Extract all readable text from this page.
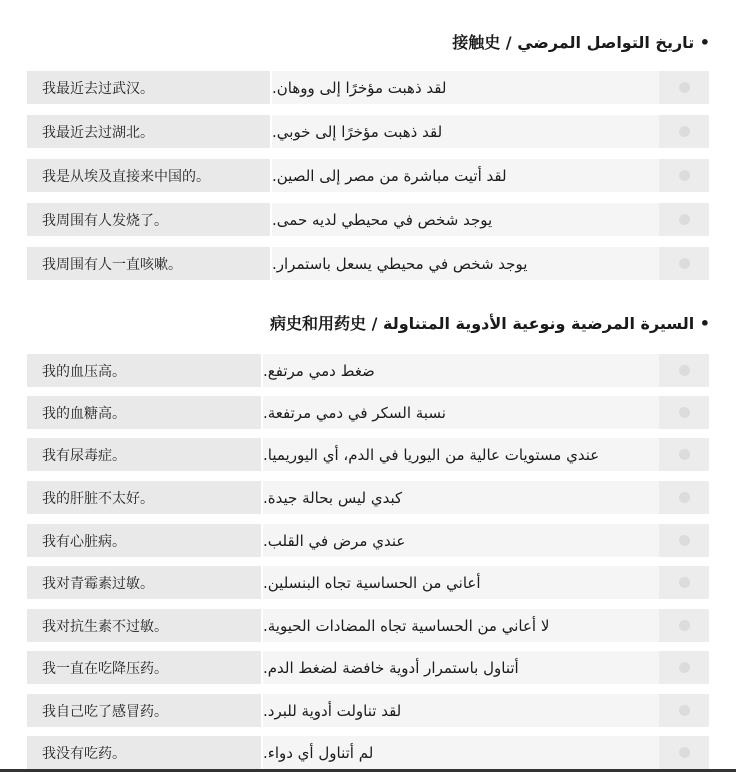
• تاريخ التواصل المرضي / 接触史
我最近去过武汉。	لقد ذهبت مؤخرًا إلى ووهان.
我最近去过湖北。	لقد ذهبت مؤخرًا إلى خوبي.
我是从埃及直接来中国的。	لقد أتيت مباشرة من مصر إلى الصين.
我周围有人发烧了。	يوجد شخص في محيطي لديه حمى.
我周围有人一直咳嗽。	يوجد شخص في محيطي يسعل باستمرار.
• السيرة المرضية ونوعية الأدوية المتناولة / 病史和用药史
我的血压高。	ضغط دمي مرتفع.
我的血糖高。	نسبة السكر في دمي مرتفعة.
我有尿毒症。	عندي مستويات عالية من اليوريا في الدم، أي اليوريميا.
我的肝脏不太好。	كبدي ليس بحالة جيدة.
我有心脏病。	عندي مرض في القلب.
我对青霉素过敏。	أعاني من الحساسية تجاه البنسلين.
我对抗生素不过敏。	لا أعاني من الحساسية تجاه المضادات الحيوية.
我一直在吃降压药。	أتناول باستمرار أدوية خافضة لضغط الدم.
我自己吃了感冒药。	لقد تناولت أدوية للبرد.
我没有吃药。	لم أتناول أي دواء.
